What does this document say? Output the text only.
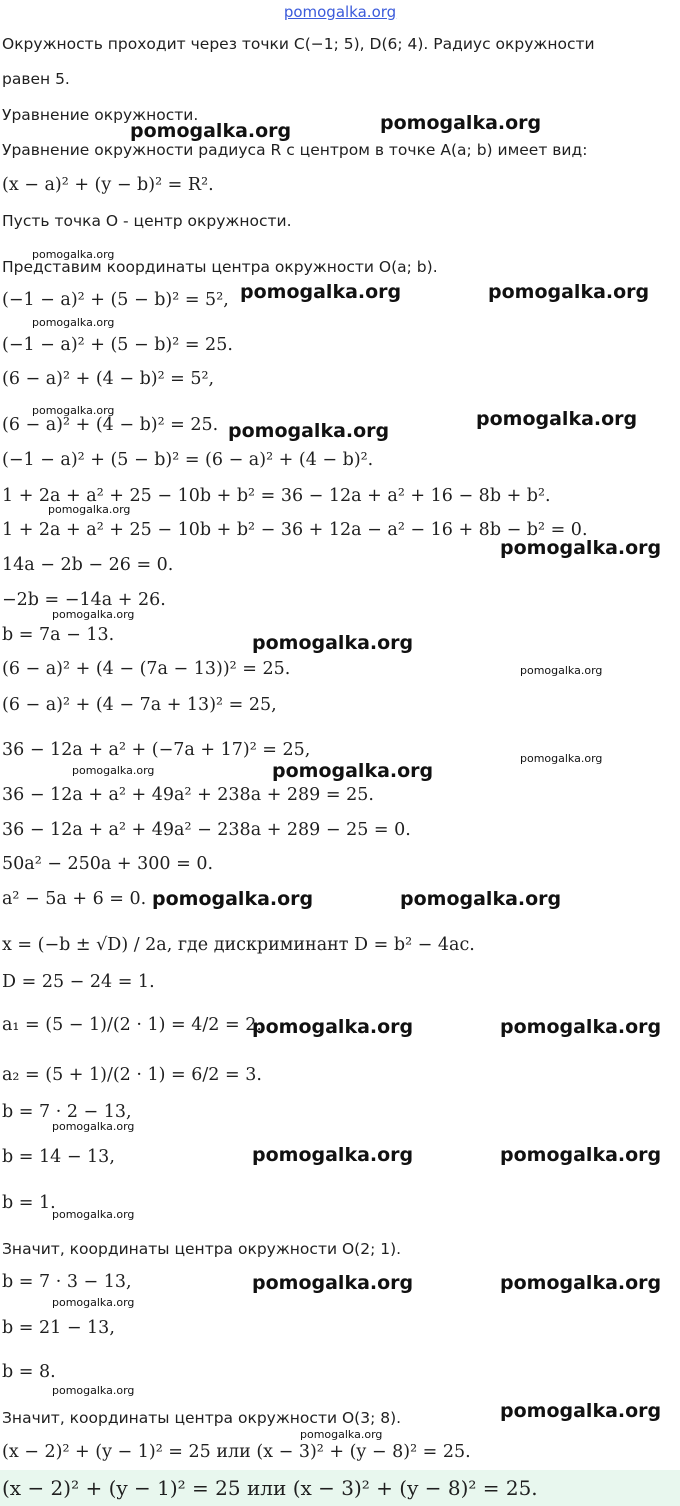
pomogalka.org
Окружность проходит через точки C(−1; 5), D(6; 4). Радиус окружности
равен 5.
Уравнение окружности.
Уравнение окружности радиуса R с центром в точке A(a; b) имеет вид:
(x − a)² + (y − b)² = R².
Пусть точка O - центр окружности.
Представим координаты центра окружности O(a; b).
(−1 − a)² + (5 − b)² = 5²,
(−1 − a)² + (5 − b)² = 25.
(6 − a)² + (4 − b)² = 5²,
(6 − a)² + (4 − b)² = 25.
(−1 − a)² + (5 − b)² = (6 − a)² + (4 − b)².
1 + 2a + a² + 25 − 10b + b² = 36 − 12a + a² + 16 − 8b + b².
1 + 2a + a² + 25 − 10b + b² − 36 + 12a − a² − 16 + 8b − b² = 0.
14a − 2b − 26 = 0.
−2b = −14a + 26.
b = 7a − 13.
(6 − a)² + (4 − (7a − 13))² = 25.
(6 − a)² + (4 − 7a + 13)² = 25,
36 − 12a + a² + (−7a + 17)² = 25,
36 − 12a + a² + 49a² + 238a + 289 = 25.
36 − 12a + a² + 49a² − 238a + 289 − 25 = 0.
50a² − 250a + 300 = 0.
a² − 5a + 6 = 0.
x = (−b ± √D) / 2a, где дискриминант D = b² − 4ac.
D = 25 − 24 = 1.
a₁ = (5 − 1)/(2 · 1) = 4/2 = 2.
a₂ = (5 + 1)/(2 · 1) = 6/2 = 3.
b = 7 · 2 − 13,
b = 14 − 13,
b = 1.
Значит, координаты центра окружности O(2; 1).
b = 7 · 3 − 13,
b = 21 − 13,
b = 8.
Значит, координаты центра окружности O(3; 8).
(x − 2)² + (y − 1)² = 25 или (x − 3)² + (y − 8)² = 25.
(x − 2)² + (y − 1)² = 25 или (x − 3)² + (y − 8)² = 25.
pomogalka.org	pomogalka.org
pomogalka.org
pomogalka.org	pomogalka.org
pomogalka.org
pomogalka.org
pomogalka.org
pomogalka.org
pomogalka.org
pomogalka.org
pomogalka.org
pomogalka.org
pomogalka.org
pomogalka.org
pomogalka.org	pomogalka.org
pomogalka.org	pomogalka.org
pomogalka.org	pomogalka.org
pomogalka.org
pomogalka.org	pomogalka.org
pomogalka.org
pomogalka.org	pomogalka.org
pomogalka.org
pomogalka.org
pomogalka.org
pomogalka.org
